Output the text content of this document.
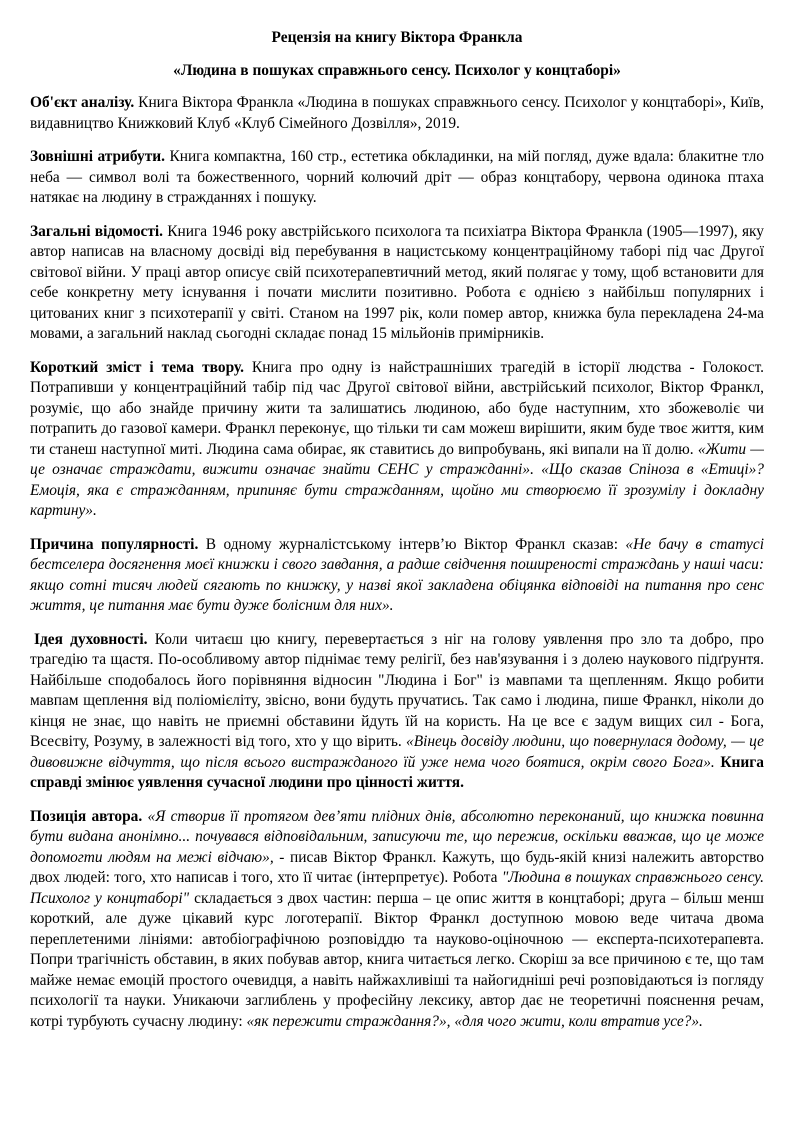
Рецензія на книгу Віктора Франкла

«Людина в пошуках справжнього сенсу. Психолог у концтаборі»

Об'єкт аналізу. Книга Віктора Франкла «Людина в пошуках справжнього сенсу. Психолог у концтаборі», Київ, видавництво Книжковий Клуб «Клуб Сімейного Дозвілля», 2019.

Зовнішні атрибути. Книга компактна, 160 стр., естетика обкладинки, на мій погляд, дуже вдала: блакитне тло неба — символ волі та божественного, чорний колючий дріт — образ концтабору, червона одинока птаха натякає на людину в стражданнях і пошуку.

Загальні відомості. Книга 1946 року австрійського психолога та психіатра Віктора Франкла (1905—1997), яку автор написав на власному досвіді від перебування в нацистському концентраційному таборі під час Другої світової війни. У праці автор описує свій психотерапевтичний метод, який полягає у тому, щоб встановити для себе конкретну мету існування і почати мислити позитивно. Робота є однією з найбільш популярних і цитованих книг з психотерапії у світі. Станом на 1997 рік, коли помер автор, книжка була перекладена 24-ма мовами, а загальний наклад сьогодні складає понад 15 мільйонів примірників.

Короткий зміст і тема твору. Книга про одну із найстрашніших трагедій в історії людства - Голокост. Потрапивши у концентраційний табір під час Другої світової війни, австрійський психолог, Віктор Франкл, розуміє, що або знайде причину жити та залишатись людиною, або буде наступним, хто збожеволіє чи потрапить до газової камери. Франкл переконує, що тільки ти сам можеш вирішити, яким буде твоє життя, ким ти станеш наступної миті. Людина сама обирає, як ставитись до випробувань, які випали на її долю. «Жити — це означає страждати, вижити означає знайти СЕНС у стражданні». «Що сказав Спіноза в «Етиці»? Емоція, яка є стражданням, припиняє бути стражданням, щойно ми створюємо її зрозумілу і докладну картину».

Причина популярності. В одному журналістському інтерв’ю Віктор Франкл сказав: «Не бачу в статусі бестселера досягнення моєї книжки і свого завдання, а радше свідчення поширеності страждань у наші часи: якщо сотні тисяч людей сягають по книжку, у назві якої закладена обіцянка відповіді на питання про сенс життя, це питання має бути дуже болісним для них».

Ідея духовності. Коли читаєш цю книгу, перевертається з ніг на голову уявлення про зло та добро, про трагедію та щастя. По-особливому автор піднімає тему релігії, без нав'язування і з долею наукового підґрунтя. Найбільше сподобалось його порівняння відносин "Людина і Бог" із мавпами та щепленням. Якщо робити мавпам щеплення від поліомієліту, звісно, вони будуть пручатись. Так само і людина, пише Франкл, ніколи до кінця не знає, що навіть не приємні обставини йдуть їй на користь. На це все є задум вищих сил - Бога, Всесвіту, Розуму, в залежності від того, хто у що вірить. «Вінець досвіду людини, що повернулася додому, — це дивовижне відчуття, що після всього вистражданого їй уже нема чого боятися, окрім свого Бога». Книга справді змінює уявлення сучасної людини про цінності життя.

Позиція автора. «Я створив її протягом дев’яти плідних днів, абсолютно переконаний, що книжка повинна бути видана анонімно... почувався відповідальним, записуючи те, що пережив, оскільки вважав, що це може допомогти людям на межі відчаю», - писав Віктор Франкл. Кажуть, що будь-якій книзі належить авторство двох людей: того, хто написав і того, хто її читає (інтерпретує). Робота "Людина в пошуках справжнього сенсу. Психолог у концтаборі" складається з двох частин: перша – це опис життя в концтаборі; друга – більш менш короткий, але дуже цікавий курс логотерапії. Віктор Франкл доступною мовою веде читача двома переплетеними лініями: автобіографічною розповіддю та науково-оціночною — експерта-психотерапевта. Попри трагічність обставин, в яких побував автор, книга читається легко. Скоріш за все причиною є те, що там майже немає емоцій простого очевидця, а навіть найжахливіші та найогидніші речі розповідаються із погляду психології та науки. Уникаючи заглиблень у професійну лексику, автор дає не теоретичні пояснення речам, котрі турбують сучасну людину: «як пережити страждання?», «для чого жити, коли втратив усе?».
